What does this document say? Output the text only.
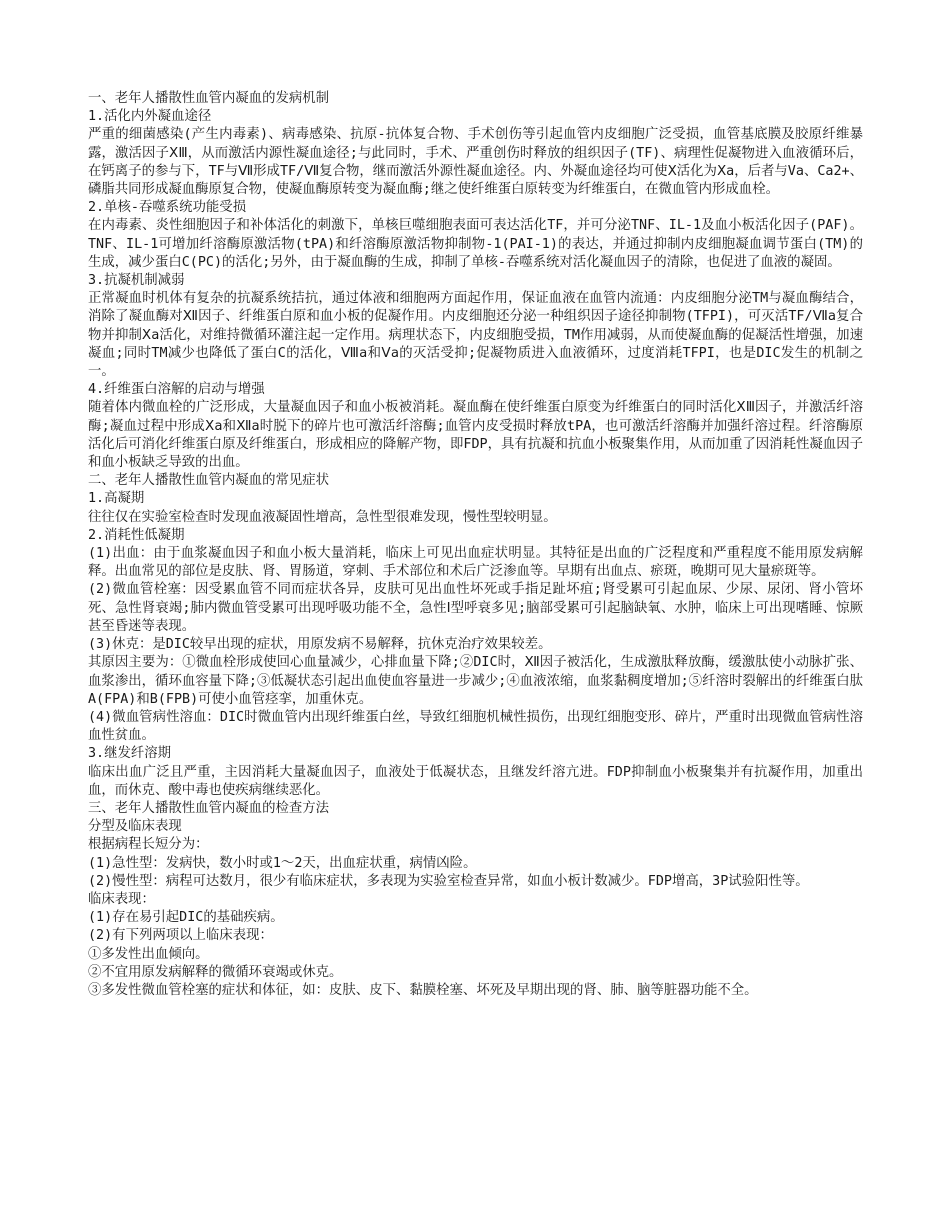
一、老年人播散性血管内凝血的发病机制

1.活化内外凝血途径

严重的细菌感染(产生内毒素)、病毒感染、抗原-抗体复合物、手术创伤等引起血管内皮细胞广泛受损，血管基底膜及胶原纤维暴露，激活因子ⅩⅢ，从而激活内源性凝血途径;与此同时，手术、严重创伤时释放的组织因子(TF)、病理性促凝物进入血液循环后，在钙离子的参与下，TF与Ⅶ形成TF/Ⅶ复合物，继而激活外源性凝血途径。内、外凝血途径均可使Ⅹ活化为Ⅹa，后者与Va、Ca2+、磷脂共同形成凝血酶原复合物，使凝血酶原转变为凝血酶;继之使纤维蛋白原转变为纤维蛋白，在微血管内形成血栓。

2.单核-吞噬系统功能受损

在内毒素、炎性细胞因子和补体活化的刺激下，单核巨噬细胞表面可表达活化TF，并可分泌TNF、IL-1及血小板活化因子(PAF)。TNF、IL-1可增加纤溶酶原激活物(tPA)和纤溶酶原激活物抑制物-1(PAI-1)的表达，并通过抑制内皮细胞凝血调节蛋白(TM)的生成，减少蛋白C(PC)的活化;另外，由于凝血酶的生成，抑制了单核-吞噬系统对活化凝血因子的清除，也促进了血液的凝固。

3.抗凝机制减弱

正常凝血时机体有复杂的抗凝系统拮抗，通过体液和细胞两方面起作用，保证血液在血管内流通：内皮细胞分泌TM与凝血酶结合，消除了凝血酶对Ⅻ因子、纤维蛋白原和血小板的促凝作用。内皮细胞还分泌一种组织因子途径抑制物(TFPI)，可灭活TF/Ⅶa复合物并抑制Ⅹa活化，对维持微循环灌注起一定作用。病理状态下，内皮细胞受损，TM作用减弱，从而使凝血酶的促凝活性增强，加速凝血;同时TM减少也降低了蛋白C的活化，Ⅷa和Ⅴa的灭活受抑;促凝物质进入血液循环，过度消耗TFPI，也是DIC发生的机制之一。

4.纤维蛋白溶解的启动与增强

随着体内微血栓的广泛形成，大量凝血因子和血小板被消耗。凝血酶在使纤维蛋白原变为纤维蛋白的同时活化ⅩⅢ因子，并激活纤溶酶;凝血过程中形成Ⅹa和Ⅻa时脱下的碎片也可激活纤溶酶;血管内皮受损时释放tPA，也可激活纤溶酶并加强纤溶过程。纤溶酶原活化后可消化纤维蛋白原及纤维蛋白，形成相应的降解产物，即FDP，具有抗凝和抗血小板聚集作用，从而加重了因消耗性凝血因子和血小板缺乏导致的出血。

二、老年人播散性血管内凝血的常见症状

1.高凝期

往往仅在实验室检查时发现血液凝固性增高，急性型很难发现，慢性型较明显。

2.消耗性低凝期

(1)出血：由于血浆凝血因子和血小板大量消耗，临床上可见出血症状明显。其特征是出血的广泛程度和严重程度不能用原发病解释。出血常见的部位是皮肤、肾、胃肠道，穿刺、手术部位和术后广泛渗血等。早期有出血点、瘀斑，晚期可见大量瘀斑等。

(2)微血管栓塞：因受累血管不同而症状各异，皮肤可见出血性坏死或手指足趾坏疽;肾受累可引起血尿、少尿、尿闭、肾小管坏死、急性肾衰竭;肺内微血管受累可出现呼吸功能不全，急性Ⅰ型呼衰多见;脑部受累可引起脑缺氧、水肿，临床上可出现嗜睡、惊厥甚至昏迷等表现。

(3)休克：是DIC较早出现的症状，用原发病不易解释，抗休克治疗效果较差。

其原因主要为：①微血栓形成使回心血量减少，心排血量下降;②DIC时，Ⅻ因子被活化，生成激肽释放酶，缓激肽使小动脉扩张、血浆渗出，循环血容量下降;③低凝状态引起出血使血容量进一步减少;④血液浓缩，血浆黏稠度增加;⑤纤溶时裂解出的纤维蛋白肽A(FPA)和B(FPB)可使小血管痉挛，加重休克。

(4)微血管病性溶血：DIC时微血管内出现纤维蛋白丝，导致红细胞机械性损伤，出现红细胞变形、碎片，严重时出现微血管病性溶血性贫血。

3.继发纤溶期

临床出血广泛且严重，主因消耗大量凝血因子，血液处于低凝状态，且继发纤溶亢进。FDP抑制血小板聚集并有抗凝作用，加重出血，而休克、酸中毒也使疾病继续恶化。

三、老年人播散性血管内凝血的检查方法

分型及临床表现

根据病程长短分为：

(1)急性型：发病快，数小时或1～2天，出血症状重，病情凶险。

(2)慢性型：病程可达数月，很少有临床症状，多表现为实验室检查异常，如血小板计数减少。FDP增高，3P试验阳性等。

临床表现：

(1)存在易引起DIC的基础疾病。

(2)有下列两项以上临床表现：

①多发性出血倾向。

②不宜用原发病解释的微循环衰竭或休克。

③多发性微血管栓塞的症状和体征，如：皮肤、皮下、黏膜栓塞、坏死及早期出现的肾、肺、脑等脏器功能不全。
